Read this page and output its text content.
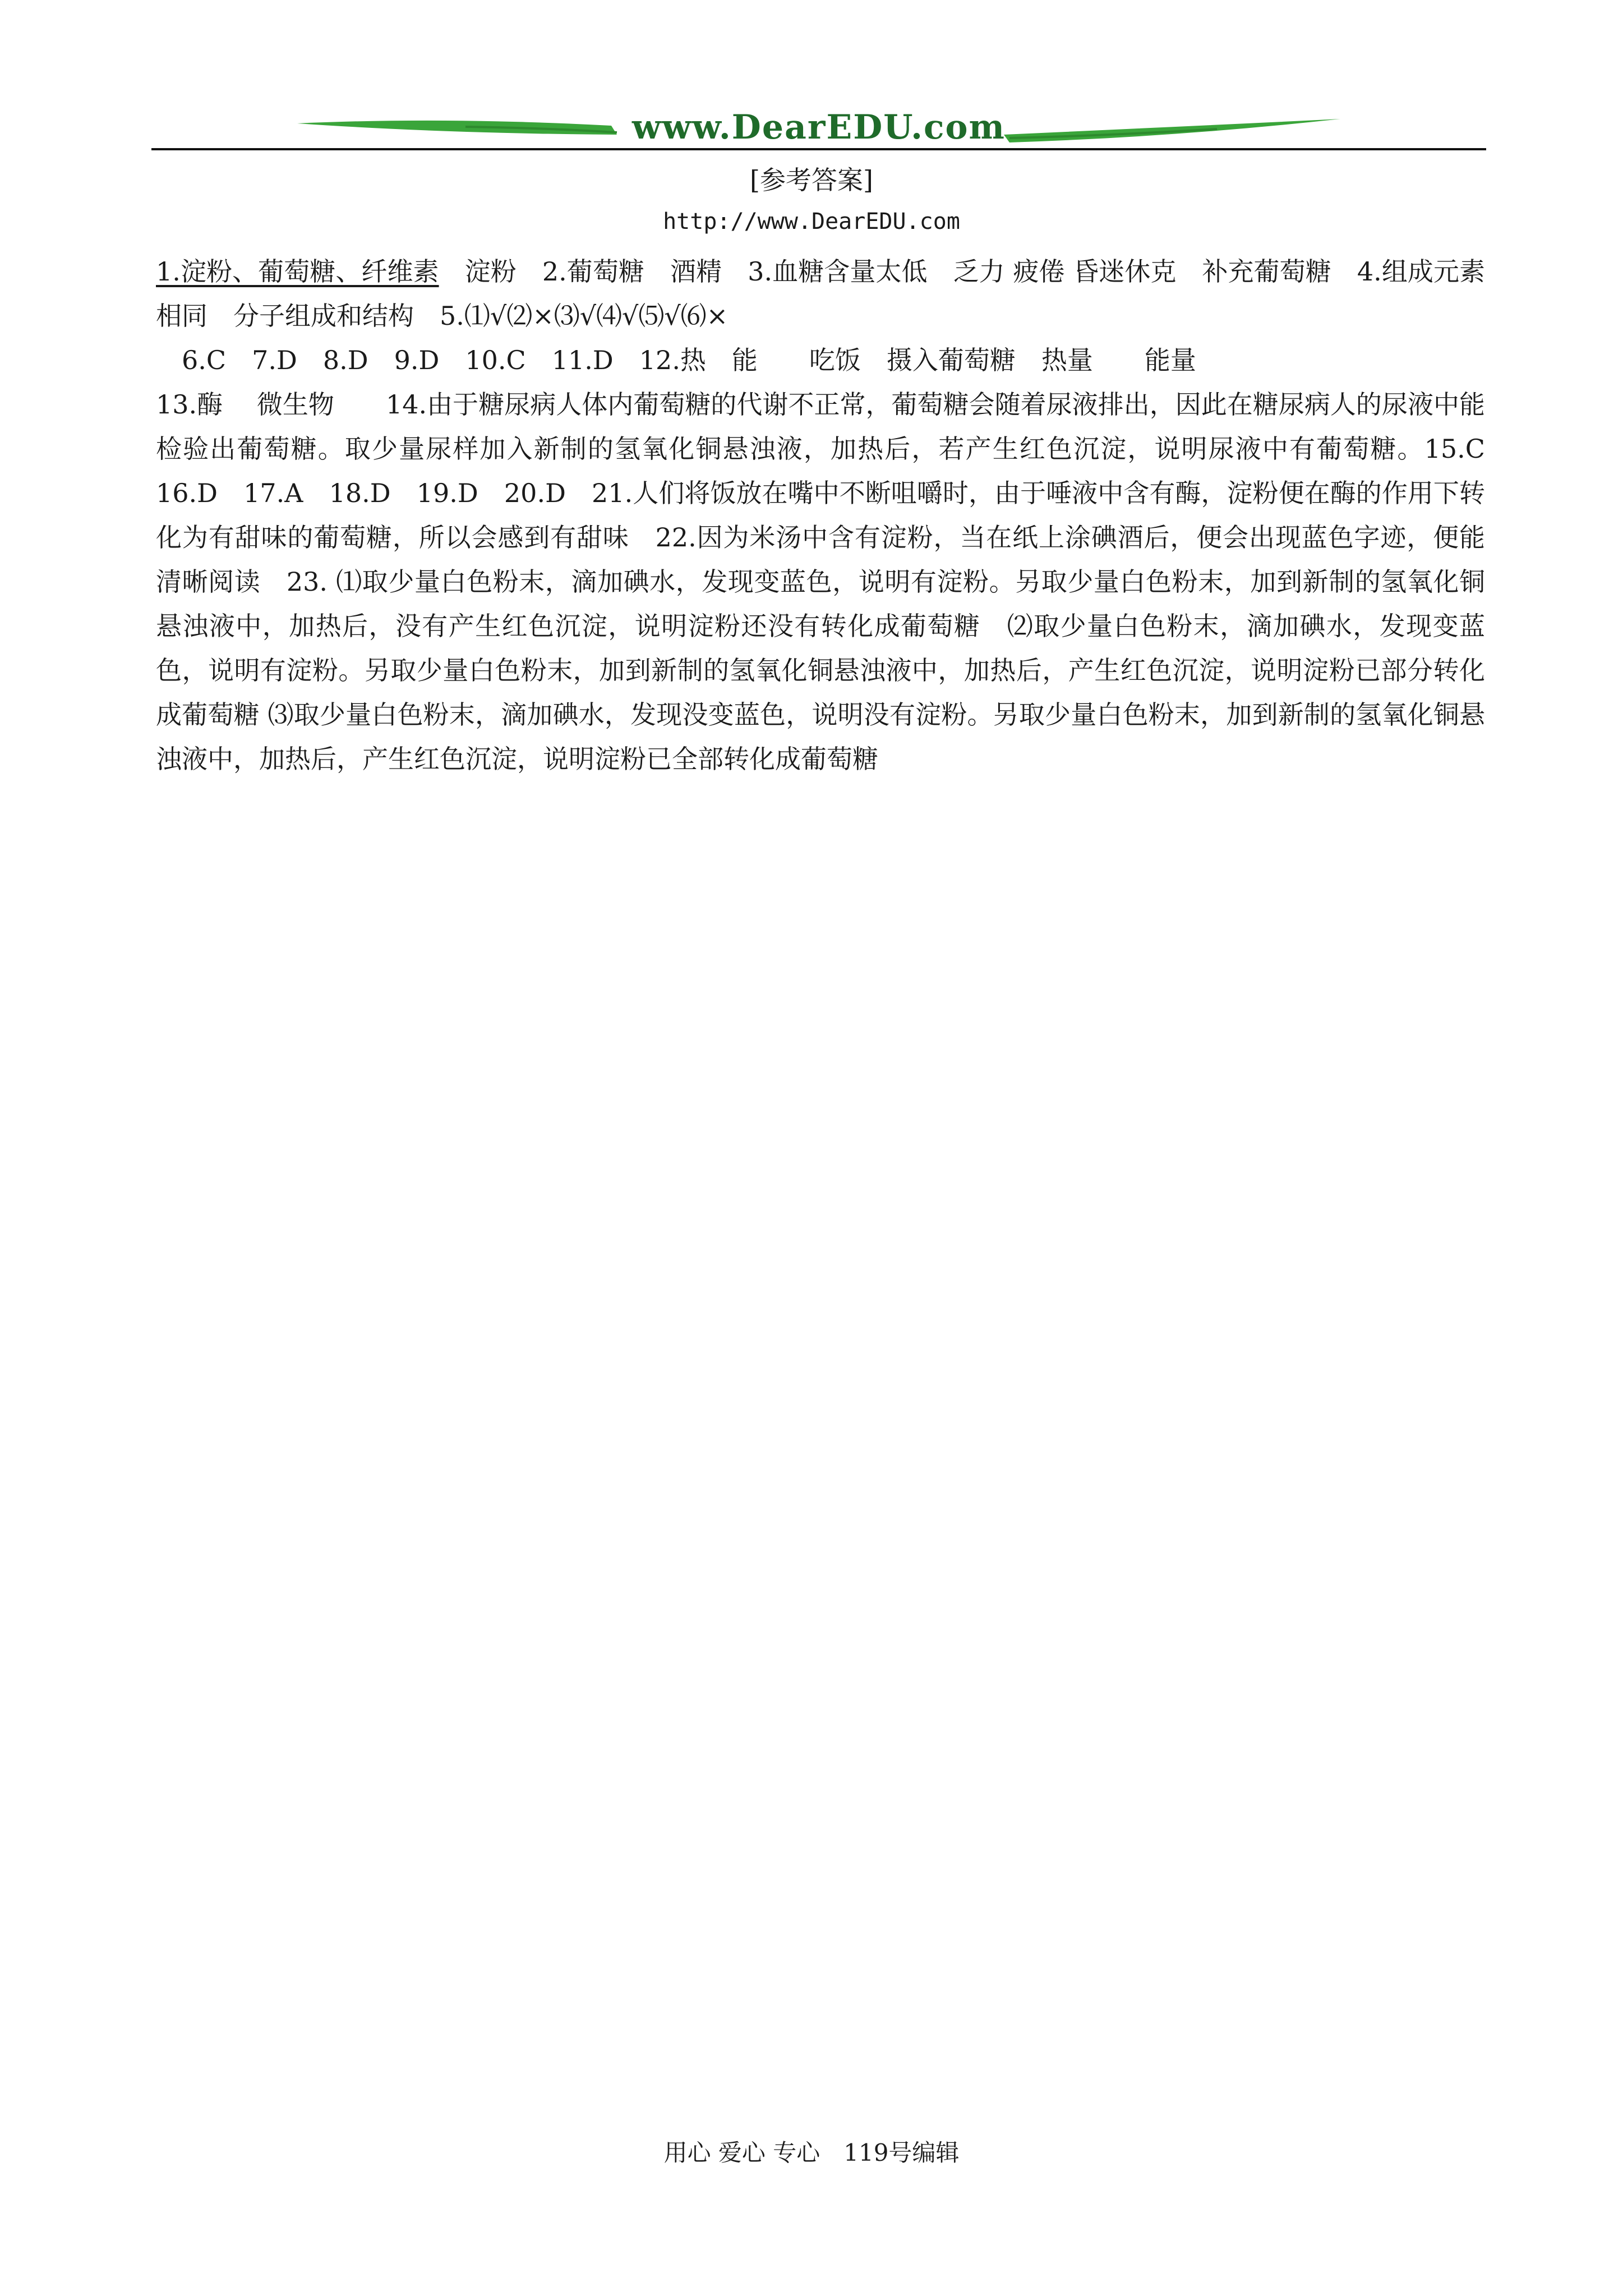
www.DearEDU.com
[参考答案]
http://www.DearEDU.com

1.淀粉、葡萄糖、纤维素　淀粉　2.葡萄糖　酒精　3.血糖含量太低　乏力 疲倦 昏迷休克　补充葡萄糖　4.组成元素相同　分子组成和结构　5.⑴√⑵×⑶√⑷√⑸√⑹×

6.C　7.D　8.D　9.D　10.C　11.D　12.热　能　　吃饭　摄入葡萄糖　热量　　能量

13.酶　 微生物　　14.由于糖尿病人体内葡萄糖的代谢不正常，葡萄糖会随着尿液排出，因此在糖尿病人的尿液中能检验出葡萄糖。取少量尿样加入新制的氢氧化铜悬浊液，加热后，若产生红色沉淀，说明尿液中有葡萄糖。15.C　16.D　17.A　18.D　19.D　20.D　21.人们将饭放在嘴中不断咀嚼时，由于唾液中含有酶，淀粉便在酶的作用下转化为有甜味的葡萄糖，所以会感到有甜味　22.因为米汤中含有淀粉，当在纸上涂碘酒后，便会出现蓝色字迹，便能清晰阅读　23. ⑴取少量白色粉末，滴加碘水，发现变蓝色，说明有淀粉。另取少量白色粉末，加到新制的氢氧化铜悬浊液中，加热后，没有产生红色沉淀，说明淀粉还没有转化成葡萄糖　⑵取少量白色粉末，滴加碘水，发现变蓝色，说明有淀粉。另取少量白色粉末，加到新制的氢氧化铜悬浊液中，加热后，产生红色沉淀，说明淀粉已部分转化成葡萄糖 ⑶取少量白色粉末，滴加碘水，发现没变蓝色，说明没有淀粉。另取少量白色粉末，加到新制的氢氧化铜悬浊液中，加热后，产生红色沉淀，说明淀粉已全部转化成葡萄糖

用心 爱心 专心　119号编辑
